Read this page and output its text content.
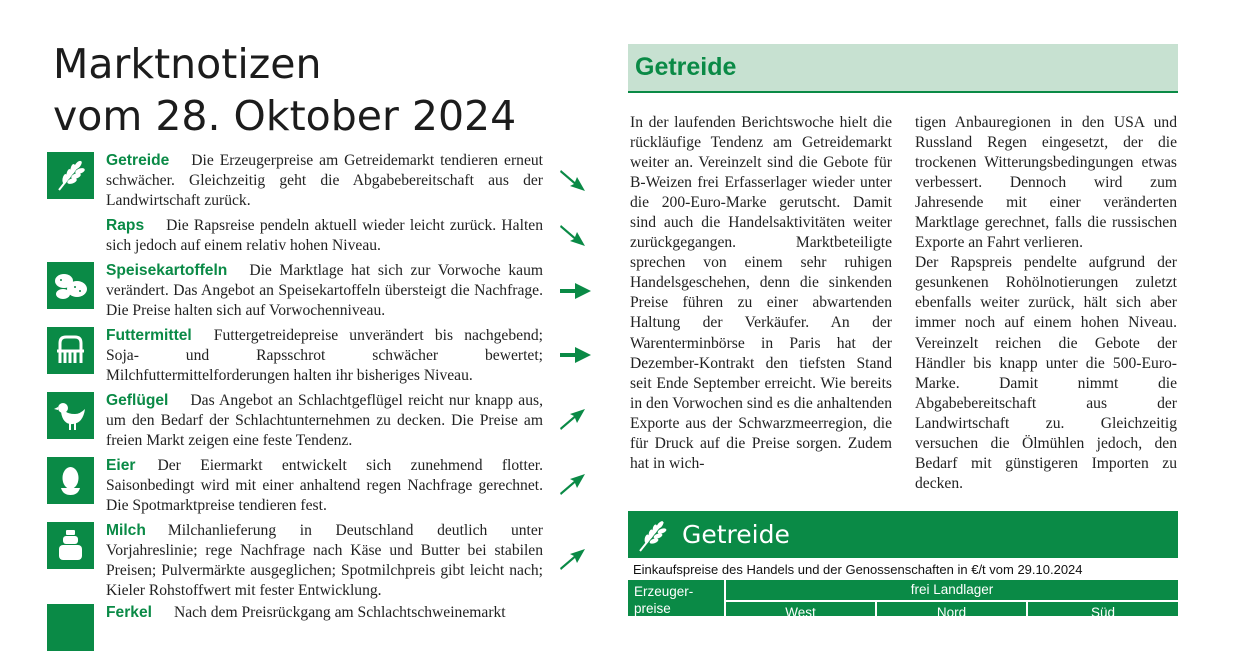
Marktnotizen
vom 28. Oktober 2024
Getreide Die Erzeugerpreise am Getreidemarkt tendieren erneut schwächer. Gleichzeitig geht die Abgabebereitschaft aus der Landwirtschaft zurück.
Raps Die Rapsreise pendeln aktuell wieder leicht zurück. Halten sich jedoch auf einem relativ hohen Niveau.
Speisekartoffeln Die Marktlage hat sich zur Vorwoche kaum verändert. Das Angebot an Speisekartoffeln übersteigt die Nachfrage. Die Preise halten sich auf Vorwochenniveau.
Futtermittel Futtergetreidepreise unverändert bis nachgebend; Soja- und Rapsschrot schwächer bewertet; Milchfuttermittelforderungen halten ihr bisheriges Niveau.
Geflügel Das Angebot an Schlachtgeflügel reicht nur knapp aus, um den Bedarf der Schlachtunternehmen zu decken. Die Preise am freien Markt zeigen eine feste Tendenz.
Eier Der Eiermarkt entwickelt sich zunehmend flotter. Saisonbedingt wird mit einer anhaltend regen Nachfrage gerechnet. Die Spotmarktpreise tendieren fest.
Milch Milchanlieferung in Deutschland deutlich unter Vorjahreslinie; rege Nachfrage nach Käse und Butter bei stabilen Preisen; Pulvermärkte ausgeglichen; Spotmilchpreis gibt leicht nach; Kieler Rohstoffwert mit fester Entwicklung.
Ferkel Nach dem Preisrückgang am Schlachtschweinemarkt
Getreide

In der laufenden Berichtswoche hielt die rückläufige Tendenz am Getreidemarkt weiter an. Vereinzelt sind die Gebote für B-Weizen frei Erfasserlager wieder unter die 200-Euro-Marke gerutscht. Damit sind auch die Handelsaktivitäten weiter zurückgegangen. Marktbeteiligte sprechen von einem sehr ruhigen Handelsgeschehen, denn die sinkenden Preise führen zu einer abwartenden Haltung der Verkäufer. An der Warenterminbörse in Paris hat der Dezember-Kontrakt den tiefsten Stand seit Ende September erreicht. Wie bereits in den Vorwochen sind es die anhaltenden Exporte aus der Schwarzmeerregion, die für Druck auf die Preise sorgen. Zudem hat in wich-

tigen Anbauregionen in den USA und Russland Regen eingesetzt, der die trockenen Witterungsbedingungen etwas verbessert. Dennoch wird zum Jahresende mit einer veränderten Marktlage gerechnet, falls die russischen Exporte an Fahrt verlieren.

Der Rapspreis pendelte aufgrund der gesunkenen Rohölnotierungen zuletzt ebenfalls weiter zurück, hält sich aber immer noch auf einem hohen Niveau. Vereinzelt reichen die Gebote der Händler bis knapp unter die 500-Euro-Marke. Damit nimmt die Abgabebereitschaft aus der Landwirtschaft zu. Gleichzeitig versuchen die Ölmühlen jedoch, den Bedarf mit günstigeren Importen zu decken.

Getreide
Einkaufspreise des Handels und der Genossenschaften in €/t vom 29.10.2024
Erzeuger-preise
frei Landlager
West	Nord	Süd
